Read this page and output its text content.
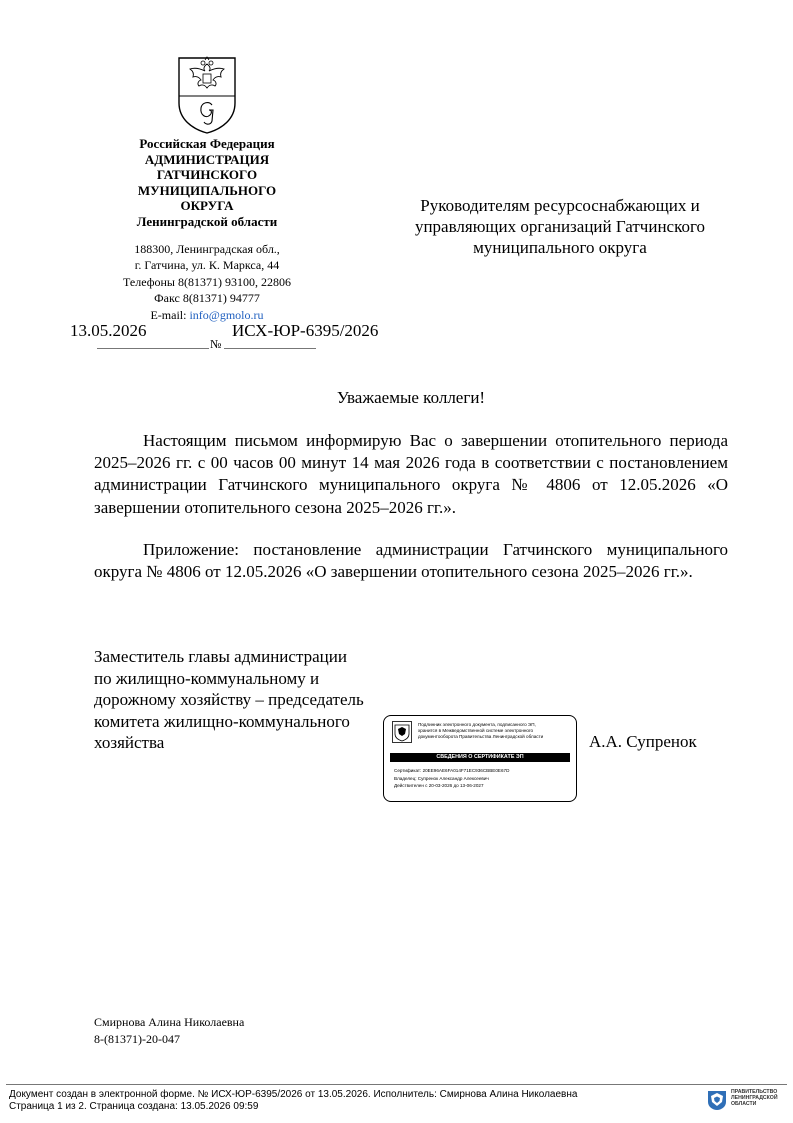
Российская Федерация
АДМИНИСТРАЦИЯ
ГАТЧИНСКОГО
МУНИЦИПАЛЬНОГО
ОКРУГА
Ленинградской области
188300, Ленинградская обл.,
г. Гатчина, ул. К. Маркса, 44
Телефоны 8(81371) 93100, 22806
Факс 8(81371) 94777
E-mail: info@gmolo.ru
13.05.2026
№
ИСХ-ЮР-6395/2026
Руководителям ресурсоснабжающих и
управляющих организаций Гатчинского
муниципального округа
Уважаемые коллеги!
Настоящим письмом информирую Вас о завершении отопительного периода 2025–2026 гг. с 00 часов 00 минут 14 мая 2026 года в соответствии с постановлением администрации Гатчинского муниципального округа № 4806 от 12.05.2026 «О завершении отопительного сезона 2025–2026 гг.».
Приложение: постановление администрации Гатчинского муниципального округа № 4806 от 12.05.2026 «О завершении отопительного сезона 2025–2026 гг.».
Заместитель главы администрации
по жилищно-коммунальному и
дорожному хозяйству – председатель
комитета жилищно-коммунального
хозяйства	А.А. Супренок
Подлинник электронного документа, подписанного ЭП,
хранится в Межведомственной системе электронного
документооборота Правительства Ленинградской области
СВЕДЕНИЯ О СЕРТИФИКАТЕ ЭП
Сертификат: 20EE96AE6FA014F71EC936CBBE0E67D
Владелец: Супренок Александр Алексеевич
Действителен с 20-03-2026 до 13-06-2027
Смирнова Алина Николаевна
8-(81371)-20-047
Документ создан в электронной форме. № ИСХ-ЮР-6395/2026 от 13.05.2026. Исполнитель: Смирнова Алина Николаевна
Страница 1 из 2. Страница создана: 13.05.2026 09:59
ПРАВИТЕЛЬСТВО
ЛЕНИНГРАДСКОЙ
ОБЛАСТИ
